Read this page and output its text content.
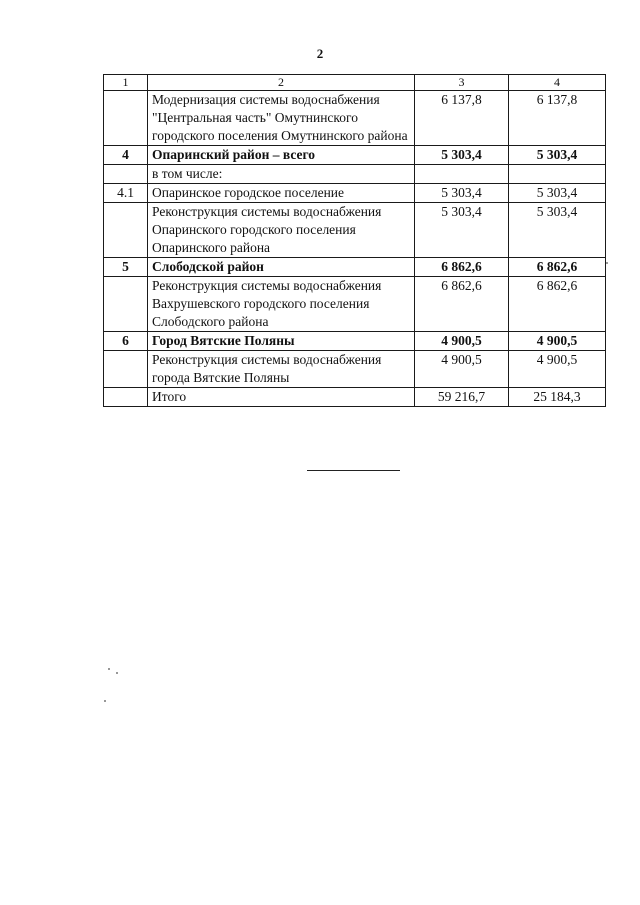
2
1	2	3	4
	Модернизация системы водоснабжения "Центральная часть" Омутнинского городского поселения Омутнинского района	6 137,8	6 137,8
4	Опаринский район – всего	5 303,4	5 303,4
	в том числе:		
4.1	Опаринское городское поселение	5 303,4	5 303,4
	Реконструкция системы водоснабжения Опаринского городского поселения Опаринского района	5 303,4	5 303,4
5	Слободской район	6 862,6	6 862,6
	Реконструкция системы водоснабжения Вахрушевского городского поселения Слободского района	6 862,6	6 862,6
6	Город Вятские Поляны	4 900,5	4 900,5
	Реконструкция системы водоснабжения города Вятские Поляны	4 900,5	4 900,5
	Итого	59 216,7	25 184,3
